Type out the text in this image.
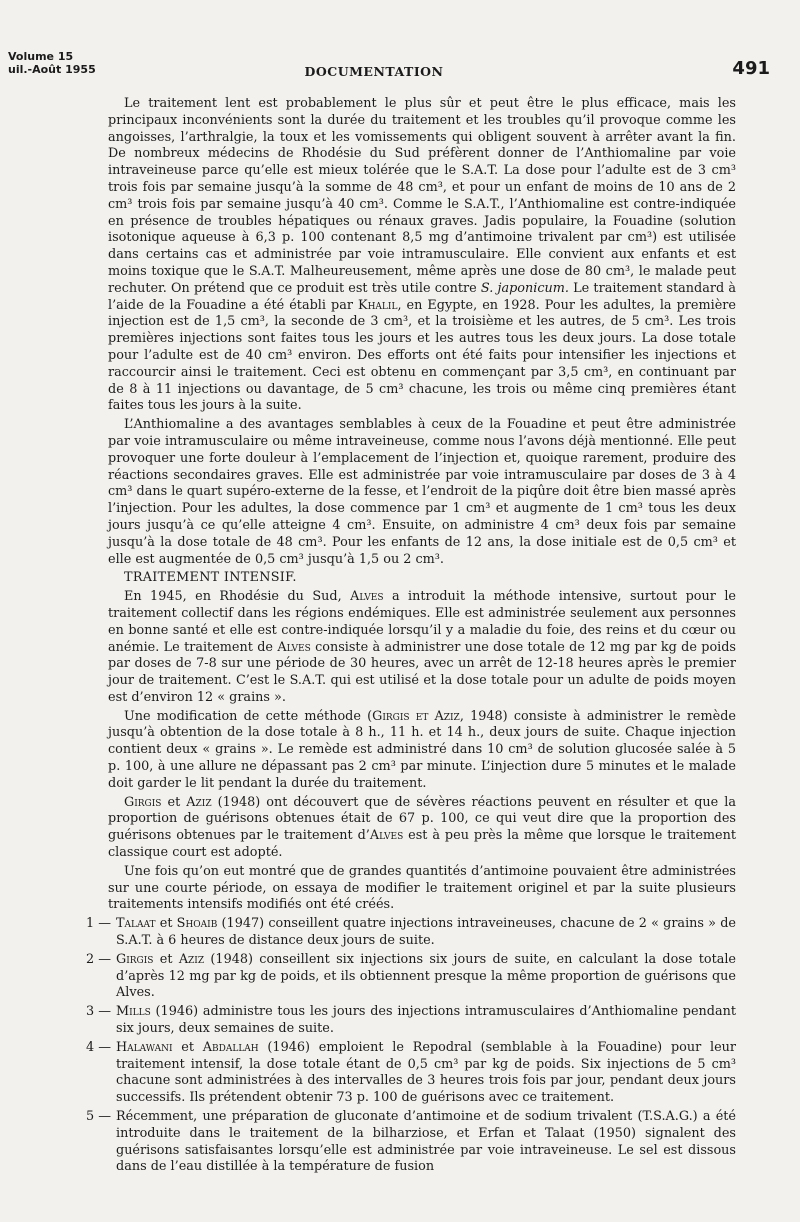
Volume 15
uil.-Août 1955	DOCUMENTATION	491

Le traitement lent est probablement le plus sûr et peut être le plus efficace, mais les principaux inconvénients sont la durée du traitement et les troubles qu’il provoque comme les angoisses, l’arthralgie, la toux et les vomissements qui obligent souvent à arrêter avant la fin. De nombreux médecins de Rhodésie du Sud préfèrent donner de l’Anthiomaline par voie intraveineuse parce qu’elle est mieux tolérée que le S.A.T. La dose pour l’adulte est de 3 cm³ trois fois par semaine jusqu’à la somme de 48 cm³, et pour un enfant de moins de 10 ans de 2 cm³ trois fois par semaine jusqu’à 40 cm³. Comme le S.A.T., l’Anthiomaline est contre-indiquée en présence de troubles hépatiques ou rénaux graves. Jadis populaire, la Fouadine (solution isotonique aqueuse à 6,3 p. 100 contenant 8,5 mg d’antimoine trivalent par cm³) est utilisée dans certains cas et administrée par voie intramusculaire. Elle convient aux enfants et est moins toxique que le S.A.T. Malheureusement, même après une dose de 80 cm³, le malade peut rechuter. On prétend que ce produit est très utile contre S. japonicum. Le traitement standard à l’aide de la Fouadine a été établi par Khalil, en Egypte, en 1928. Pour les adultes, la première injection est de 1,5 cm³, la seconde de 3 cm³, et la troisième et les autres, de 5 cm³. Les trois premières injections sont faites tous les jours et les autres tous les deux jours. La dose totale pour l’adulte est de 40 cm³ environ. Des efforts ont été faits pour intensifier les injections et raccourcir ainsi le traitement. Ceci est obtenu en commençant par 3,5 cm³, en continuant par de 8 à 11 injections ou davantage, de 5 cm³ chacune, les trois ou même cinq premières étant faites tous les jours à la suite.

L’Anthiomaline a des avantages semblables à ceux de la Fouadine et peut être administrée par voie intramusculaire ou même intraveineuse, comme nous l’avons déjà mentionné. Elle peut provoquer une forte douleur à l’emplacement de l’injection et, quoique rarement, produire des réactions secondaires graves. Elle est administrée par voie intramusculaire par doses de 3 à 4 cm³ dans le quart supéro-externe de la fesse, et l’endroit de la piqûre doit être bien massé après l’injection. Pour les adultes, la dose commence par 1 cm³ et augmente de 1 cm³ tous les deux jours jusqu’à ce qu’elle atteigne 4 cm³. Ensuite, on administre 4 cm³ deux fois par semaine jusqu’à la dose totale de 48 cm³. Pour les enfants de 12 ans, la dose initiale est de 0,5 cm³ et elle est augmentée de 0,5 cm³ jusqu’à 1,5 ou 2 cm³.

TRAITEMENT INTENSIF.

En 1945, en Rhodésie du Sud, Alves a introduit la méthode intensive, surtout pour le traitement collectif dans les régions endémiques. Elle est administrée seulement aux personnes en bonne santé et elle est contre-indiquée lorsqu’il y a maladie du foie, des reins et du cœur ou anémie. Le traitement de Alves consiste à administrer une dose totale de 12 mg par kg de poids par doses de 7-8 sur une période de 30 heures, avec un arrêt de 12-18 heures après le premier jour de traitement. C’est le S.A.T. qui est utilisé et la dose totale pour un adulte de poids moyen est d’environ 12 « grains ».

Une modification de cette méthode (Girgis et Aziz, 1948) consiste à administrer le remède jusqu’à obtention de la dose totale à 8 h., 11 h. et 14 h., deux jours de suite. Chaque injection contient deux « grains ». Le remède est administré dans 10 cm³ de solution glucosée salée à 5 p. 100, à une allure ne dépassant pas 2 cm³ par minute. L’injection dure 5 minutes et le malade doit garder le lit pendant la durée du traitement.

Girgis et Aziz (1948) ont découvert que de sévères réactions peuvent en résulter et que la proportion de guérisons obtenues était de 67 p. 100, ce qui veut dire que la proportion des guérisons obtenues par le traitement d’Alves est à peu près la même que lorsque le traitement classique court est adopté.

Une fois qu’on eut montré que de grandes quantités d’antimoine pouvaient être administrées sur une courte période, on essaya de modifier le traitement originel et par la suite plusieurs traitements intensifs modifiés ont été créés.

1 — Talaat et Shoaib (1947) conseillent quatre injections intraveineuses, chacune de 2 « grains » de S.A.T. à 6 heures de distance deux jours de suite.
2 — Girgis et Aziz (1948) conseillent six injections six jours de suite, en calculant la dose totale d’après 12 mg par kg de poids, et ils obtiennent presque la même proportion de guérisons que Alves.
3 — Mills (1946) administre tous les jours des injections intramusculaires d’Anthiomaline pendant six jours, deux semaines de suite.
4 — Halawani et Abdallah (1946) emploient le Repodral (semblable à la Fouadine) pour leur traitement intensif, la dose totale étant de 0,5 cm³ par kg de poids. Six injections de 5 cm³ chacune sont administrées à des intervalles de 3 heures trois fois par jour, pendant deux jours successifs. Ils prétendent obtenir 73 p. 100 de guérisons avec ce traitement.
5 — Récemment, une préparation de gluconate d’antimoine et de sodium trivalent (T.S.A.G.) a été introduite dans le traitement de la bilharziose, et Erfan et Talaat (1950) signalent des guérisons satisfaisantes lorsqu’elle est administrée par voie intraveineuse. Le sel est dissous dans de l’eau distillée à la température de fusion
